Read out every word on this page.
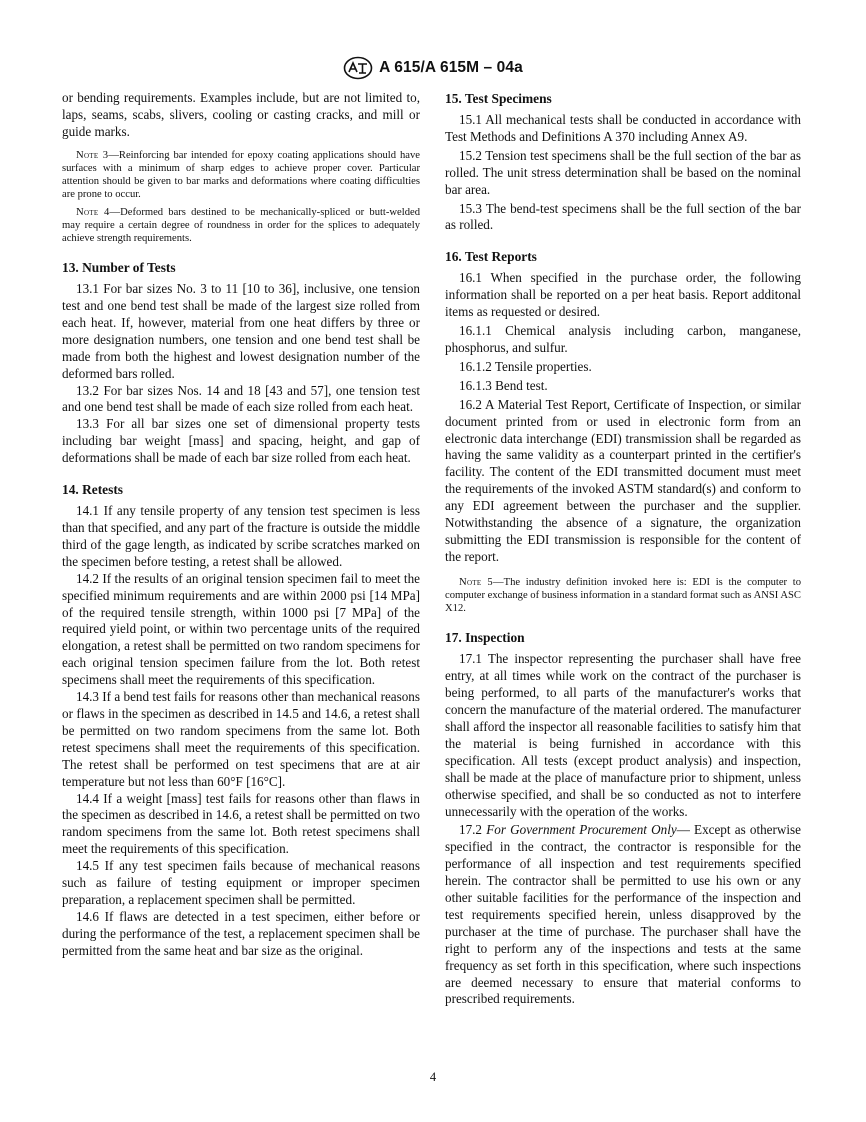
A 615/A 615M – 04a

or bending requirements. Examples include, but are not limited to, laps, seams, scabs, slivers, cooling or casting cracks, and mill or guide marks.

Note 3—Reinforcing bar intended for epoxy coating applications should have surfaces with a minimum of sharp edges to achieve proper cover. Particular attention should be given to bar marks and deformations where coating difficulties are prone to occur.

Note 4—Deformed bars destined to be mechanically-spliced or butt-welded may require a certain degree of roundness in order for the splices to adequately achieve strength requirements.

13. Number of Tests

13.1 For bar sizes No. 3 to 11 [10 to 36], inclusive, one tension test and one bend test shall be made of the largest size rolled from each heat. If, however, material from one heat differs by three or more designation numbers, one tension and one bend test shall be made from both the highest and lowest designation number of the deformed bars rolled.

13.2 For bar sizes Nos. 14 and 18 [43 and 57], one tension test and one bend test shall be made of each size rolled from each heat.

13.3 For all bar sizes one set of dimensional property tests including bar weight [mass] and spacing, height, and gap of deformations shall be made of each bar size rolled from each heat.

14. Retests

14.1 If any tensile property of any tension test specimen is less than that specified, and any part of the fracture is outside the middle third of the gage length, as indicated by scribe scratches marked on the specimen before testing, a retest shall be allowed.

14.2 If the results of an original tension specimen fail to meet the specified minimum requirements and are within 2000 psi [14 MPa] of the required tensile strength, within 1000 psi [7 MPa] of the required yield point, or within two percentage units of the required elongation, a retest shall be permitted on two random specimens for each original tension specimen failure from the lot. Both retest specimens shall meet the requirements of this specification.

14.3 If a bend test fails for reasons other than mechanical reasons or flaws in the specimen as described in 14.5 and 14.6, a retest shall be permitted on two random specimens from the same lot. Both retest specimens shall meet the requirements of this specification. The retest shall be performed on test specimens that are at air temperature but not less than 60°F [16°C].

14.4 If a weight [mass] test fails for reasons other than flaws in the specimen as described in 14.6, a retest shall be permitted on two random specimens from the same lot. Both retest specimens shall meet the requirements of this specification.

14.5 If any test specimen fails because of mechanical reasons such as failure of testing equipment or improper specimen preparation, a replacement specimen shall be permitted.

14.6 If flaws are detected in a test specimen, either before or during the performance of the test, a replacement specimen shall be permitted from the same heat and bar size as the original.

15. Test Specimens

15.1 All mechanical tests shall be conducted in accordance with Test Methods and Definitions A 370 including Annex A9.

15.2 Tension test specimens shall be the full section of the bar as rolled. The unit stress determination shall be based on the nominal bar area.

15.3 The bend-test specimens shall be the full section of the bar as rolled.

16. Test Reports

16.1 When specified in the purchase order, the following information shall be reported on a per heat basis. Report additonal items as requested or desired.

16.1.1 Chemical analysis including carbon, manganese, phosphorus, and sulfur.

16.1.2 Tensile properties.

16.1.3 Bend test.

16.2 A Material Test Report, Certificate of Inspection, or similar document printed from or used in electronic form from an electronic data interchange (EDI) transmission shall be regarded as having the same validity as a counterpart printed in the certifier's facility. The content of the EDI transmitted document must meet the requirements of the invoked ASTM standard(s) and conform to any EDI agreement between the purchaser and the supplier. Notwithstanding the absence of a signature, the organization submitting the EDI transmission is responsible for the content of the report.

Note 5—The industry definition invoked here is: EDI is the computer to computer exchange of business information in a standard format such as ANSI ASC X12.

17. Inspection

17.1 The inspector representing the purchaser shall have free entry, at all times while work on the contract of the purchaser is being performed, to all parts of the manufacturer's works that concern the manufacture of the material ordered. The manufacturer shall afford the inspector all reasonable facilities to satisfy him that the material is being furnished in accordance with this specification. All tests (except product analysis) and inspection, shall be made at the place of manufacture prior to shipment, unless otherwise specified, and shall be so conducted as not to interfere unnecessarily with the operation of the works.

17.2 For Government Procurement Only— Except as otherwise specified in the contract, the contractor is responsible for the performance of all inspection and test requirements specified herein. The contractor shall be permitted to use his own or any other suitable facilities for the performance of the inspection and test requirements specified herein, unless disapproved by the purchaser at the time of purchase. The purchaser shall have the right to perform any of the inspections and tests at the same frequency as set forth in this specification, where such inspections are deemed necessary to ensure that material conforms to prescribed requirements.

4
